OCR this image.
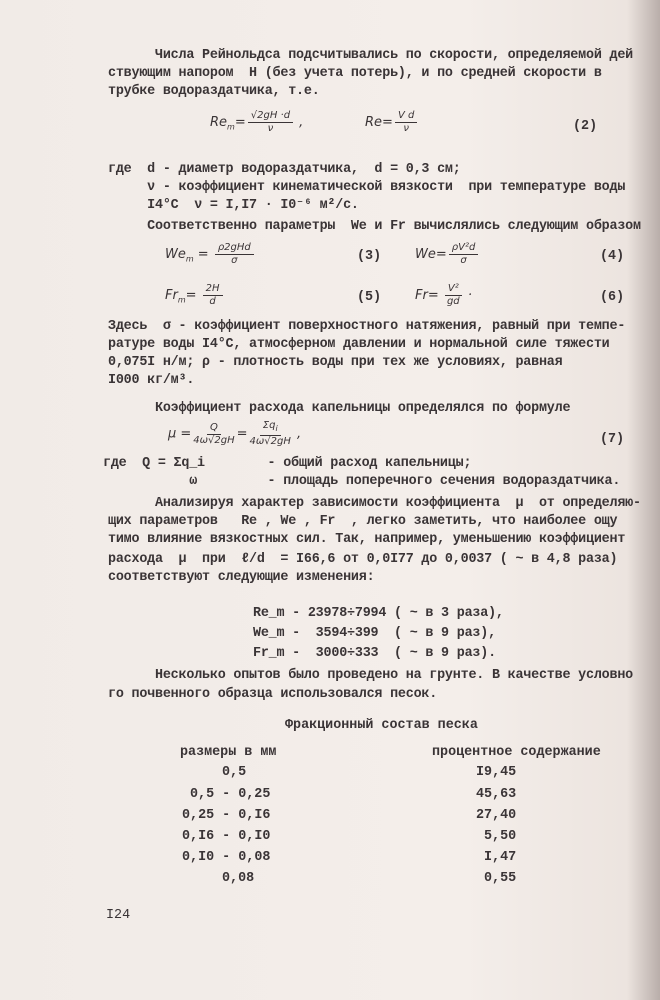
Числа Рейнольдса подсчитывались по скорости, определяемой дей
ствующим напором  H (без учета потерь), и по средней скорости в
трубке водораздатчика, т.е.
$Re_m= \frac{√2gH \cdot d}{\nu}$ ,	$Re= \frac{\text{V d}}{\nu}$	(2)
где  d - диаметр водораздатчика,  d = 0,3 см;
ν - коэффициент кинематической вязкости  при температуре воды
I4°C  ν = I,I7 · I0⁻⁶ м²/с.
Соответственно параметры  We и Fr вычислялись следующим образом
$We_m = \frac{\text{ρ2gHd}}{\sigma}$	(3)	$We= \frac{\text{ρV²d}}{\sigma}$	(4)
$Fr_m= \frac{2H}{d}$	(5)	$Fr= \frac{\text{V²}}{gd}$ ·	(6)
Здесь  σ - коэффициент поверхностного натяжения, равный при темпе-
ратуре воды I4°C, атмосферном давлении и нормальной силе тяжести
0,075I н/м; ρ - плотность воды при тех же условиях, равная
I000 кг/м³.
Коэффициент расхода капельницы определялся по формуле
$\mu = \frac{Q}{4\omega√2gH} = \frac{\Sigma q_i}{4\omega√2gH}$ ,	(7)
где  Q = Σq_i        - общий расход капельницы;
ω         - площадь поперечного сечения водораздатчика.
Анализируя характер зависимости коэффициента  μ  от определяю-
щих параметров   Re , We , Fr  , легко заметить, что наиболее ощу
тимо влияние вязкостных сил. Так, например, уменьшению коэффициент
расхода  μ  при  ℓ/d  = I66,6 от 0,0I77 до 0,0037 ( ~ в 4,8 раза)
соответствуют следующие изменения:
Re_m - 23978÷7994 ( ~ в 3 раза),
We_m -  3594÷399  ( ~ в 9 раз),
Fr_m -  3000÷333  ( ~ в 9 раз).
Несколько опытов было проведено на грунте. В качестве условно
го почвенного образца использовался песок.
Фракционный состав песка
размеры в мм	процентное содержание
0,5	I9,45
0,5 - 0,25	45,63
0,25 - 0,I6	27,40
0,I6 - 0,I0	5,50
0,I0 - 0,08	I,47
0,08	0,55
I24
